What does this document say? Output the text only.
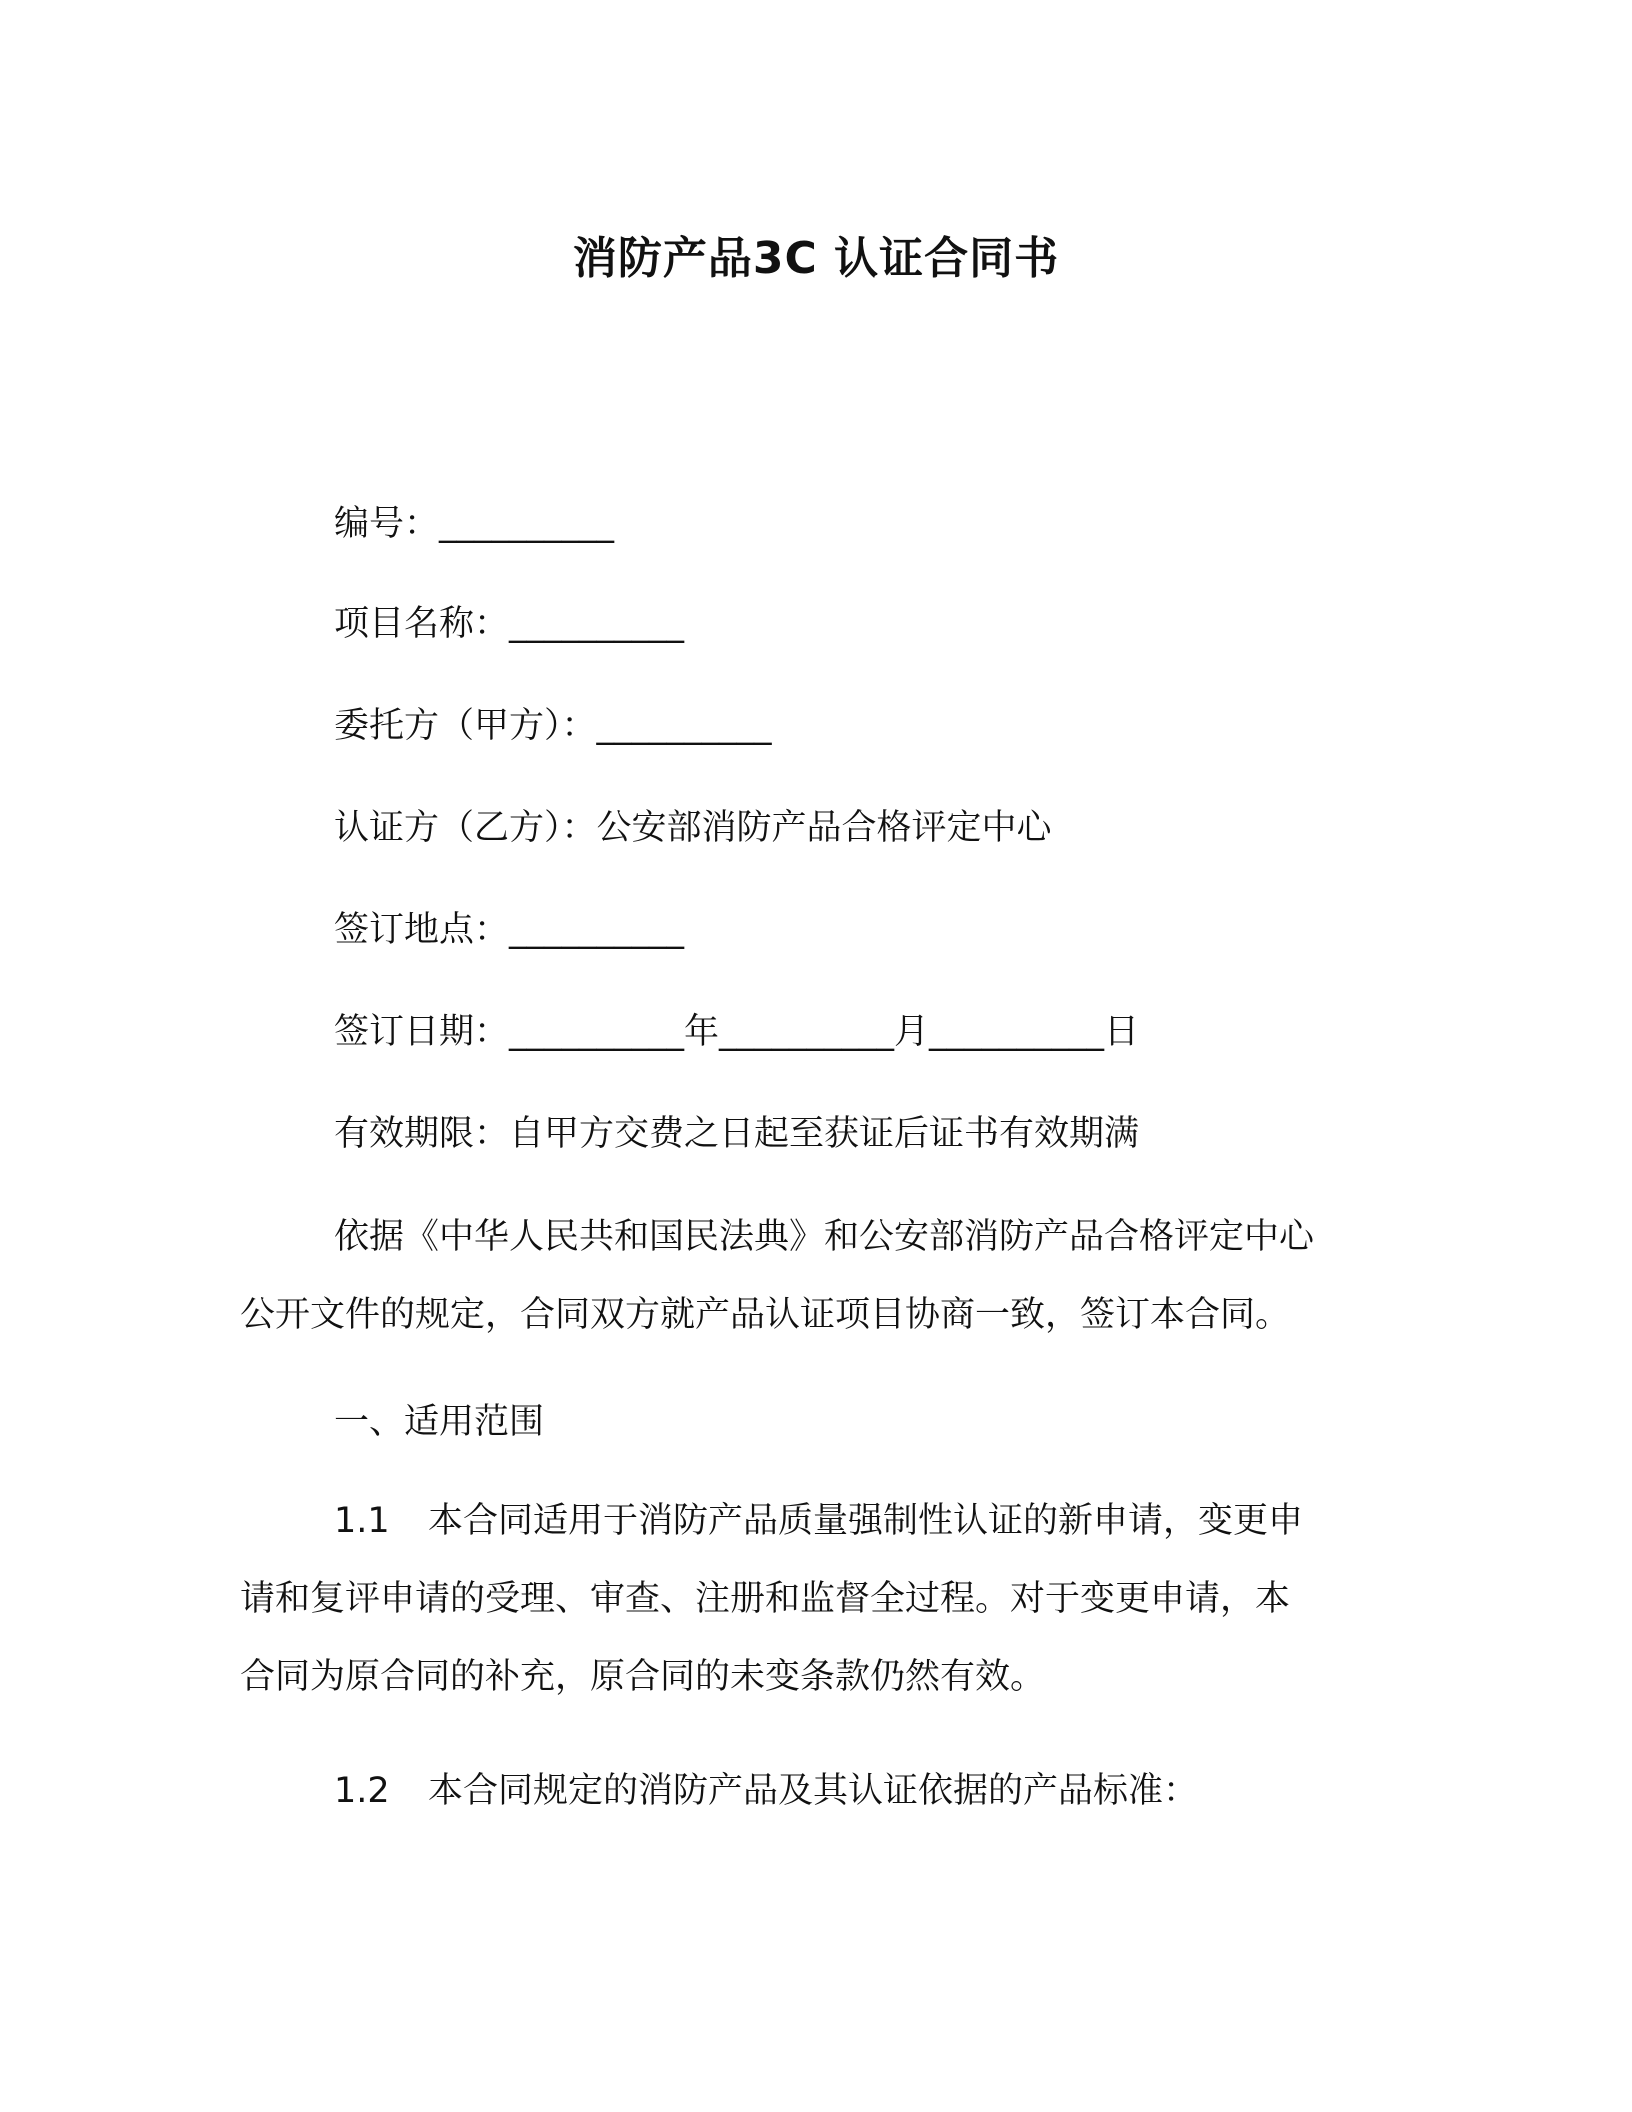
消防产品3C 认证合同书
编号：__________
项目名称：__________
委托方（甲方）：__________
认证方（乙方）：公安部消防产品合格评定中心
签订地点：__________
签订日期：__________年__________月__________日
有效期限：自甲方交费之日起至获证后证书有效期满
依据《中华人民共和国民法典》和公安部消防产品合格评定中心
公开文件的规定，合同双方就产品认证项目协商一致，签订本合同。
一、适用范围
1.1 本合同适用于消防产品质量强制性认证的新申请，变更申
请和复评申请的受理、审查、注册和监督全过程。对于变更申请，本
合同为原合同的补充，原合同的未变条款仍然有效。
1.2 本合同规定的消防产品及其认证依据的产品标准：
